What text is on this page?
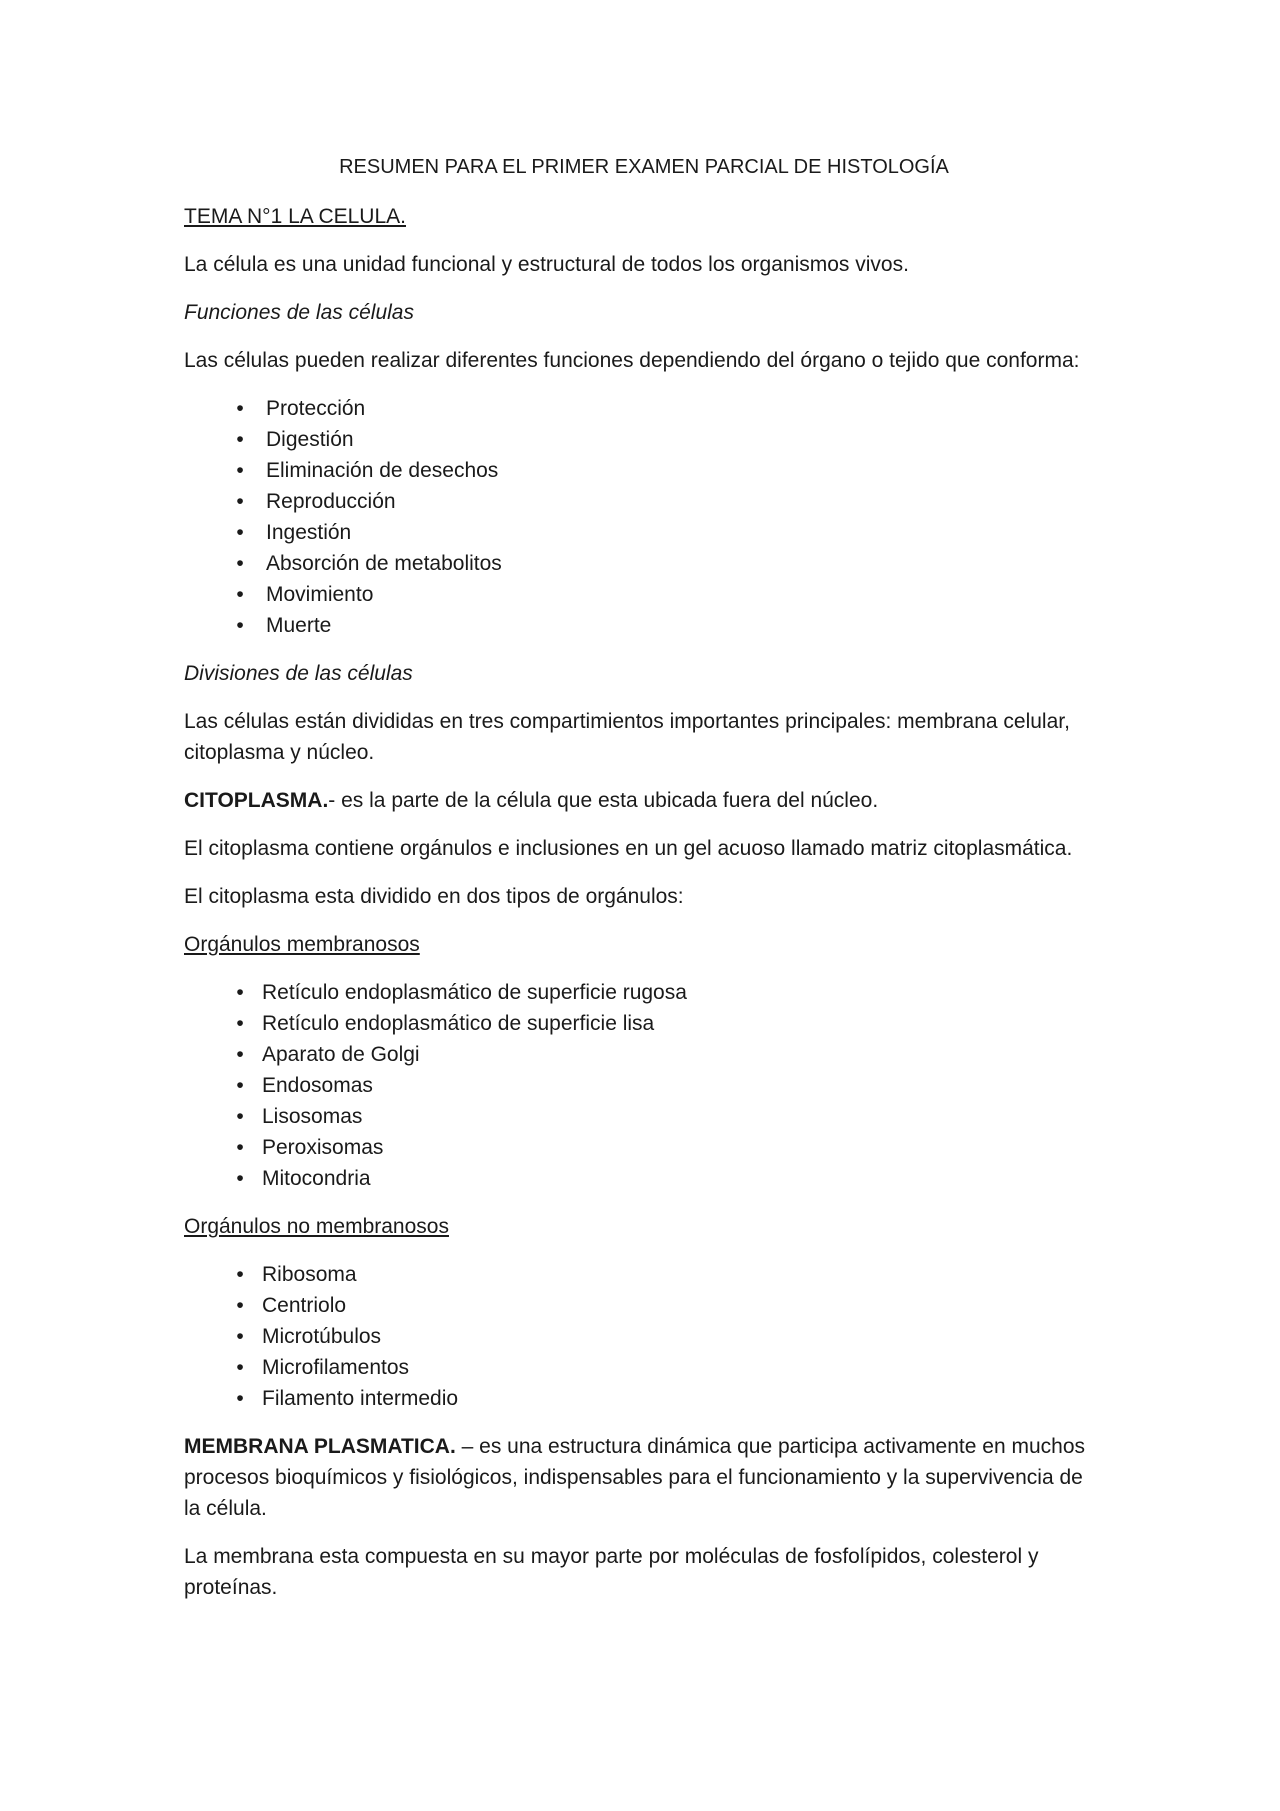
RESUMEN PARA EL PRIMER EXAMEN PARCIAL DE HISTOLOGÍA

TEMA N°1 LA CELULA.

La célula es una unidad funcional y estructural de todos los organismos vivos.

Funciones de las células

Las células pueden realizar diferentes funciones dependiendo del órgano o tejido que conforma:

•	Protección
•	Digestión
•	Eliminación de desechos
•	Reproducción
•	Ingestión
•	Absorción de metabolitos
•	Movimiento
•	Muerte

Divisiones de las células

Las células están divididas en tres compartimientos importantes principales: membrana celular, citoplasma y núcleo.

CITOPLASMA.- es la parte de la célula que esta ubicada fuera del núcleo.

El citoplasma contiene orgánulos e inclusiones en un gel acuoso llamado matriz citoplasmática.

El citoplasma esta dividido en dos tipos de orgánulos:

Orgánulos membranosos

• Retículo endoplasmático de superficie rugosa
• Retículo endoplasmático de superficie lisa
• Aparato de Golgi
• Endosomas
• Lisosomas
• Peroxisomas
• Mitocondria

Orgánulos no membranosos

• Ribosoma
• Centriolo
• Microtúbulos
• Microfilamentos
• Filamento intermedio

MEMBRANA PLASMATICA. – es una estructura dinámica que participa activamente en muchos procesos bioquímicos y fisiológicos, indispensables para el funcionamiento y la supervivencia de la célula.

La membrana esta compuesta en su mayor parte por moléculas de fosfolípidos, colesterol y proteínas.
